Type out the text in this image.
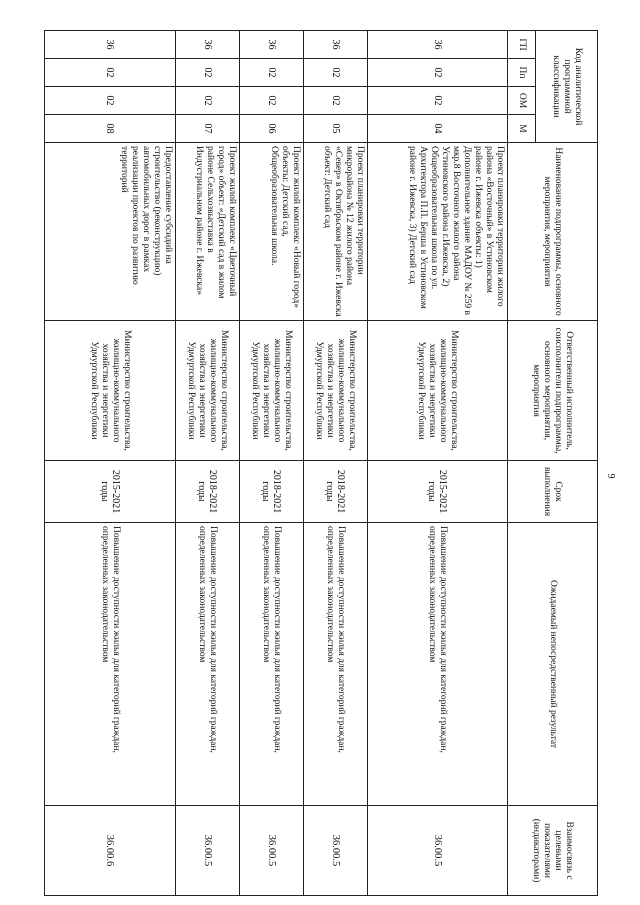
9
Код аналитической программной классификации				Наименование подпрограммы, основного мероприятия, мероприятия	Ответственный исполнитель, соисполнители подпрограммы, основного мероприятия, мероприятия	Срок выполнения	Ожидаемый непосредственный результат	Взаимосвязь с целевыми показателями (индикаторами)
ГП	Пп	ОМ	М					
36	02	02	04	Проект планировки территории жилого района «Восточный» в Устиновском районе г. Ижевска объекты: 1) Дополнительное здание МАДОУ № 259 в мкр.8 Восточного жилого района Устиновского района г.Ижевска, 2) Общеобразовательная школа по ул. Архитектора П.П. Берша в Устиновском районе г. Ижевска, 3) Детский сад	Министерство строительства, жилищно-коммунального хозяйства и энергетики Удмуртской Республики	2015-2021 годы	Повышение доступности жилья для категорий граждан, определенных законодательством	36.00.5
36	02	02	05	Проект планировки территории микрорайона № 12 жилого района «Север» в Октябрьском районе г. Ижевска объект: Детский сад	Министерство строительства, жилищно-коммунального хозяйства и энергетики Удмуртской Республики	2018-2021 годы	Повышение доступности жилья для категорий граждан, определенных законодательством	36.00.5
36	02	02	06	Проект жилой комплекс «Новый город» объекты: Детский сад, Общеобразовательная школа.	Министерство строительства, жилищно-коммунального хозяйства и энергетики Удмуртской Республики	2018-2021 годы	Повышение доступности жилья для категорий граждан, определенных законодательством	36.00.5
36	02	02	07	Проект жилой комплекс «Цветочный город» объект: «Детский сад в жилом районе Сельхозвыставка в Индустриальном районе г. Ижевска»	Министерство строительства, жилищно-коммунального хозяйства и энергетики Удмуртской Республики	2018-2021 годы	Повышение доступности жилья для категорий граждан, определенных законодательством	36.00.5
36	02	02	08	Предоставление субсидий на строительство (реконструкцию) автомобильных дорог в рамках реализации проектов по развитию территорий	Министерство строительства, жилищно-коммунального хозяйства и энергетики Удмуртской Республики	2015-2021 годы	Повышение доступности жилья для категорий граждан, определенных законодательством	36.00.6
